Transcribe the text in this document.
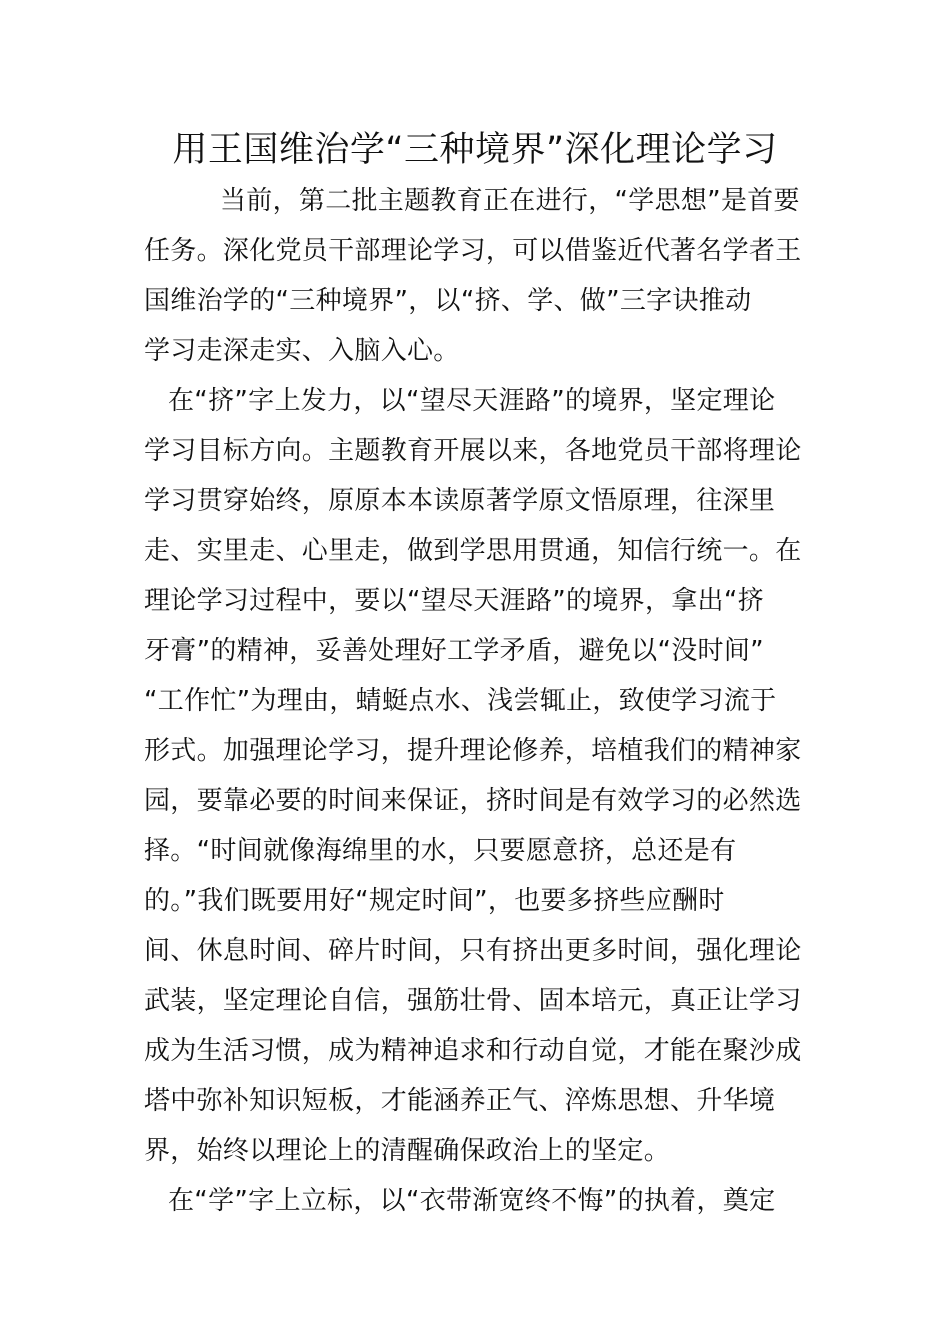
用王国维治学“三种境界”深化理论学习
当前，第二批主题教育正在进行，“学思想”是首要
任务。深化党员干部理论学习，可以借鉴近代著名学者王
国维治学的“三种境界”，以“挤、学、做”三字诀推动
学习走深走实、入脑入心。
在“挤”字上发力，以“望尽天涯路”的境界，坚定理论
学习目标方向。主题教育开展以来，各地党员干部将理论
学习贯穿始终，原原本本读原著学原文悟原理，往深里
走、实里走、心里走，做到学思用贯通，知信行统一。在
理论学习过程中，要以“望尽天涯路”的境界，拿出“挤
牙膏”的精神，妥善处理好工学矛盾，避免以“没时间”
“工作忙”为理由，蜻蜓点水、浅尝辄止，致使学习流于
形式。加强理论学习，提升理论修养，培植我们的精神家
园，要靠必要的时间来保证，挤时间是有效学习的必然选
择。“时间就像海绵里的水，只要愿意挤，总还是有
的。”我们既要用好“规定时间”，也要多挤些应酬时
间、休息时间、碎片时间，只有挤出更多时间，强化理论
武装，坚定理论自信，强筋壮骨、固本培元，真正让学习
成为生活习惯，成为精神追求和行动自觉，才能在聚沙成
塔中弥补知识短板，才能涵养正气、淬炼思想、升华境
界，始终以理论上的清醒确保政治上的坚定。
在“学”字上立标，以“衣带渐宽终不悔”的执着，奠定
